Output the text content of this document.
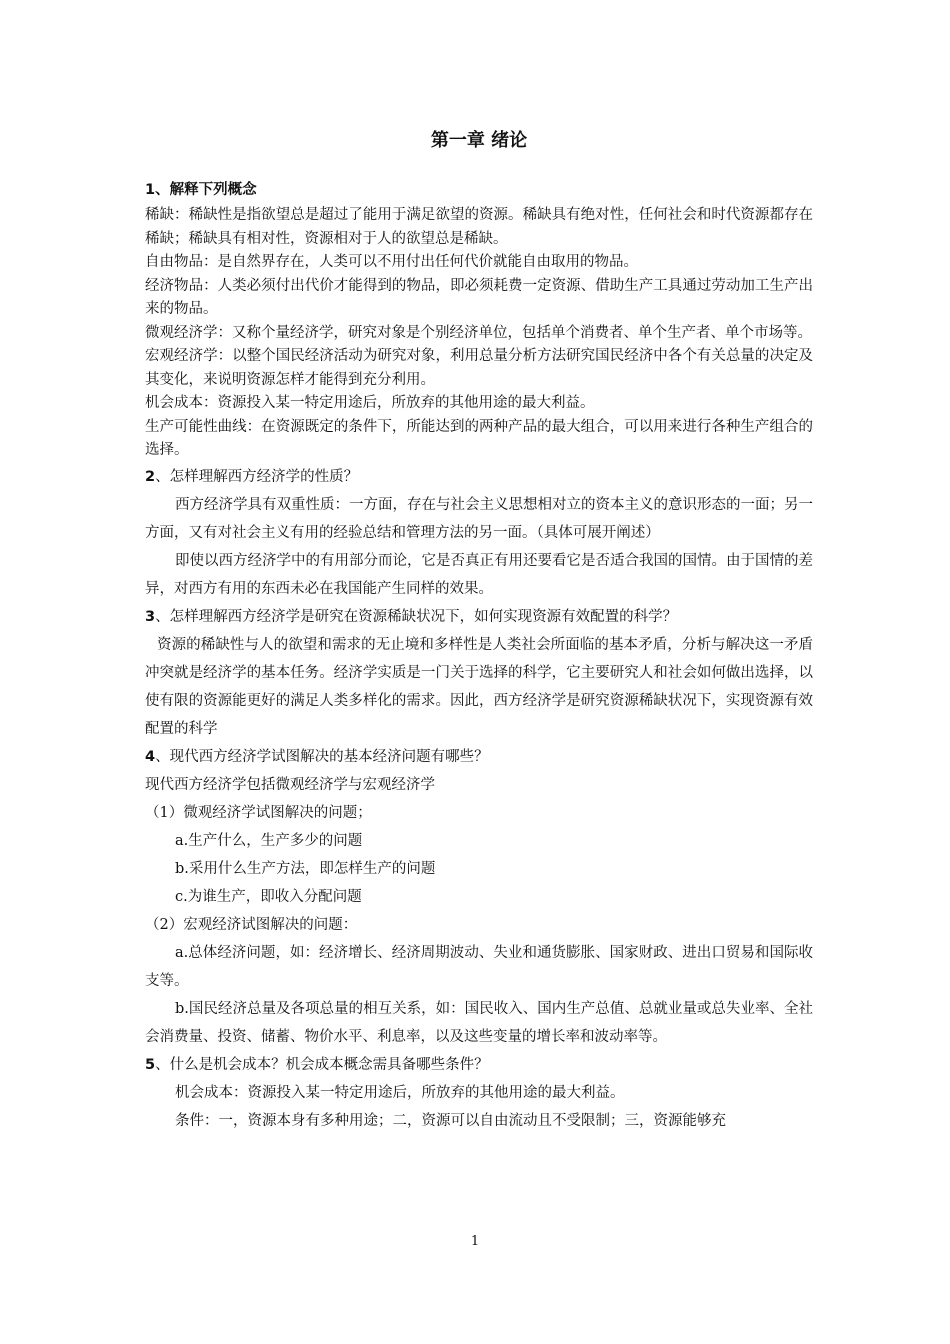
第一章 绪论
1、解释下列概念

稀缺：稀缺性是指欲望总是超过了能用于满足欲望的资源。稀缺具有绝对性，任何社会和时代资源都存在稀缺；稀缺具有相对性，资源相对于人的欲望总是稀缺。

自由物品：是自然界存在，人类可以不用付出任何代价就能自由取用的物品。

经济物品：人类必须付出代价才能得到的物品，即必须耗费一定资源、借助生产工具通过劳动加工生产出来的物品。

微观经济学：又称个量经济学，研究对象是个别经济单位，包括单个消费者、单个生产者、单个市场等。

宏观经济学：以整个国民经济活动为研究对象，利用总量分析方法研究国民经济中各个有关总量的决定及其变化，来说明资源怎样才能得到充分利用。

机会成本：资源投入某一特定用途后，所放弃的其他用途的最大利益。

生产可能性曲线：在资源既定的条件下，所能达到的两种产品的最大组合，可以用来进行各种生产组合的选择。

2、怎样理解西方经济学的性质？

西方经济学具有双重性质：一方面，存在与社会主义思想相对立的资本主义的意识形态的一面；另一方面，又有对社会主义有用的经验总结和管理方法的另一面。（具体可展开阐述）

即使以西方经济学中的有用部分而论，它是否真正有用还要看它是否适合我国的国情。由于国情的差异，对西方有用的东西未必在我国能产生同样的效果。

3、怎样理解西方经济学是研究在资源稀缺状况下，如何实现资源有效配置的科学？

资源的稀缺性与人的欲望和需求的无止境和多样性是人类社会所面临的基本矛盾，分析与解决这一矛盾冲突就是经济学的基本任务。经济学实质是一门关于选择的科学，它主要研究人和社会如何做出选择，以使有限的资源能更好的满足人类多样化的需求。因此，西方经济学是研究资源稀缺状况下，实现资源有效配置的科学

4、现代西方经济学试图解决的基本经济问题有哪些？

现代西方经济学包括微观经济学与宏观经济学

（1）微观经济学试图解决的问题；

a.生产什么，生产多少的问题

b.采用什么生产方法，即怎样生产的问题

c.为谁生产，即收入分配问题

（2）宏观经济试图解决的问题：

a.总体经济问题，如：经济增长、经济周期波动、失业和通货膨胀、国家财政、进出口贸易和国际收支等。

b.国民经济总量及各项总量的相互关系，如：国民收入、国内生产总值、总就业量或总失业率、全社会消费量、投资、储蓄、物价水平、利息率，以及这些变量的增长率和波动率等。

5、什么是机会成本？机会成本概念需具备哪些条件？

机会成本：资源投入某一特定用途后，所放弃的其他用途的最大利益。

条件：一，资源本身有多种用途；二，资源可以自由流动且不受限制；三，资源能够充

1
